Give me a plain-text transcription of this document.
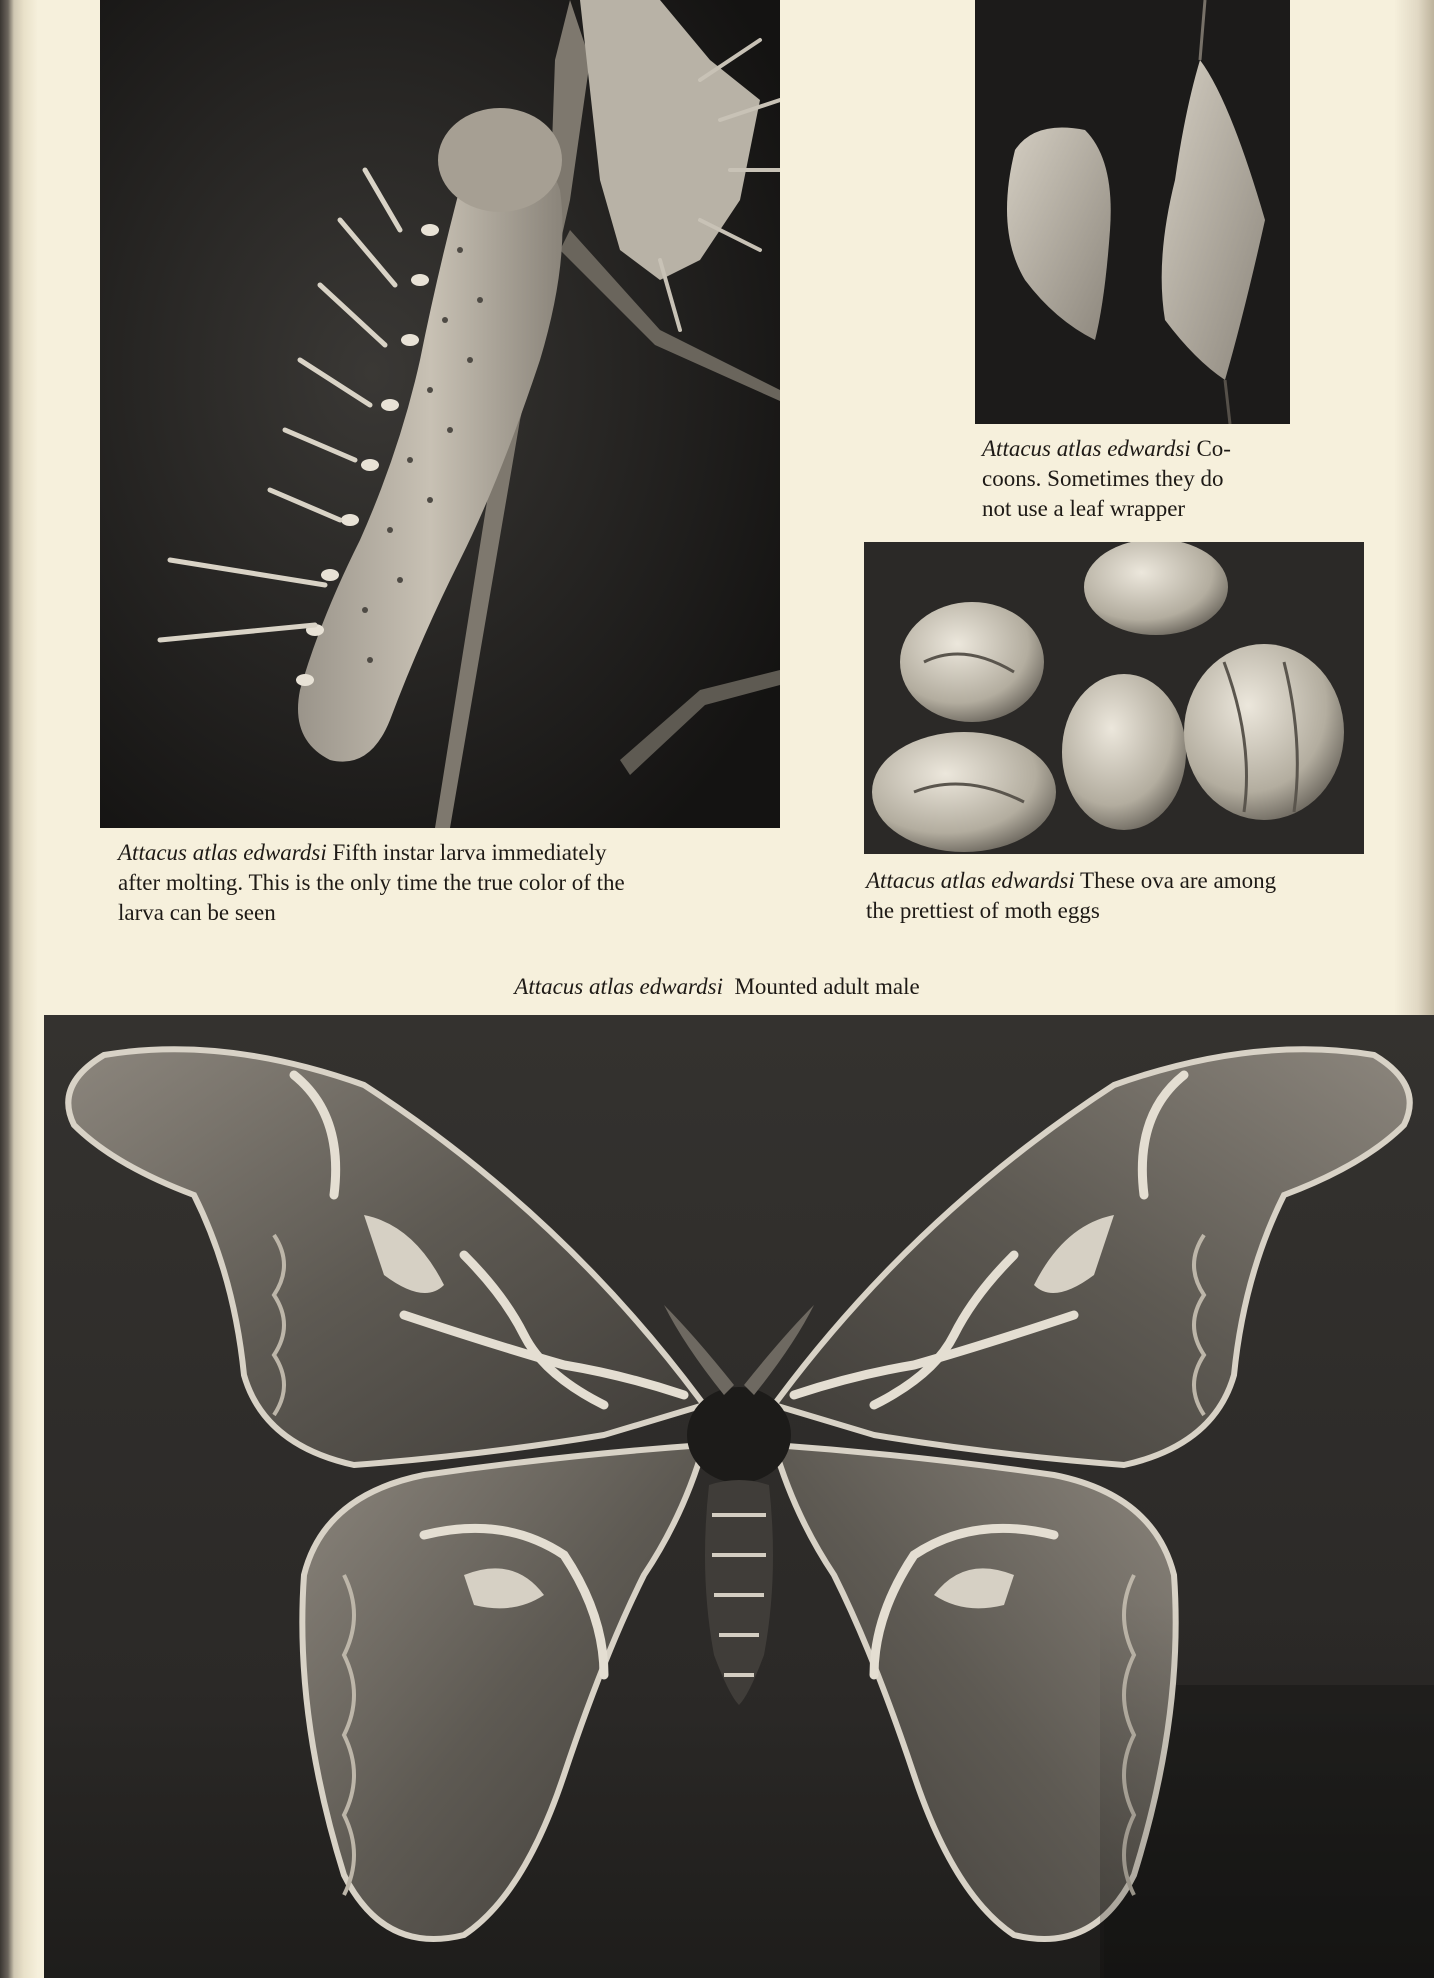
Attacus atlas edwardsi Fifth instar larva immediately
after molting. This is the only time the true color of the
larva can be seen
Attacus atlas edwardsi Co-
coons. Sometimes they do
not use a leaf wrapper
Attacus atlas edwardsi These ova are among
the prettiest of moth eggs
Attacus atlas edwardsi  Mounted adult male
